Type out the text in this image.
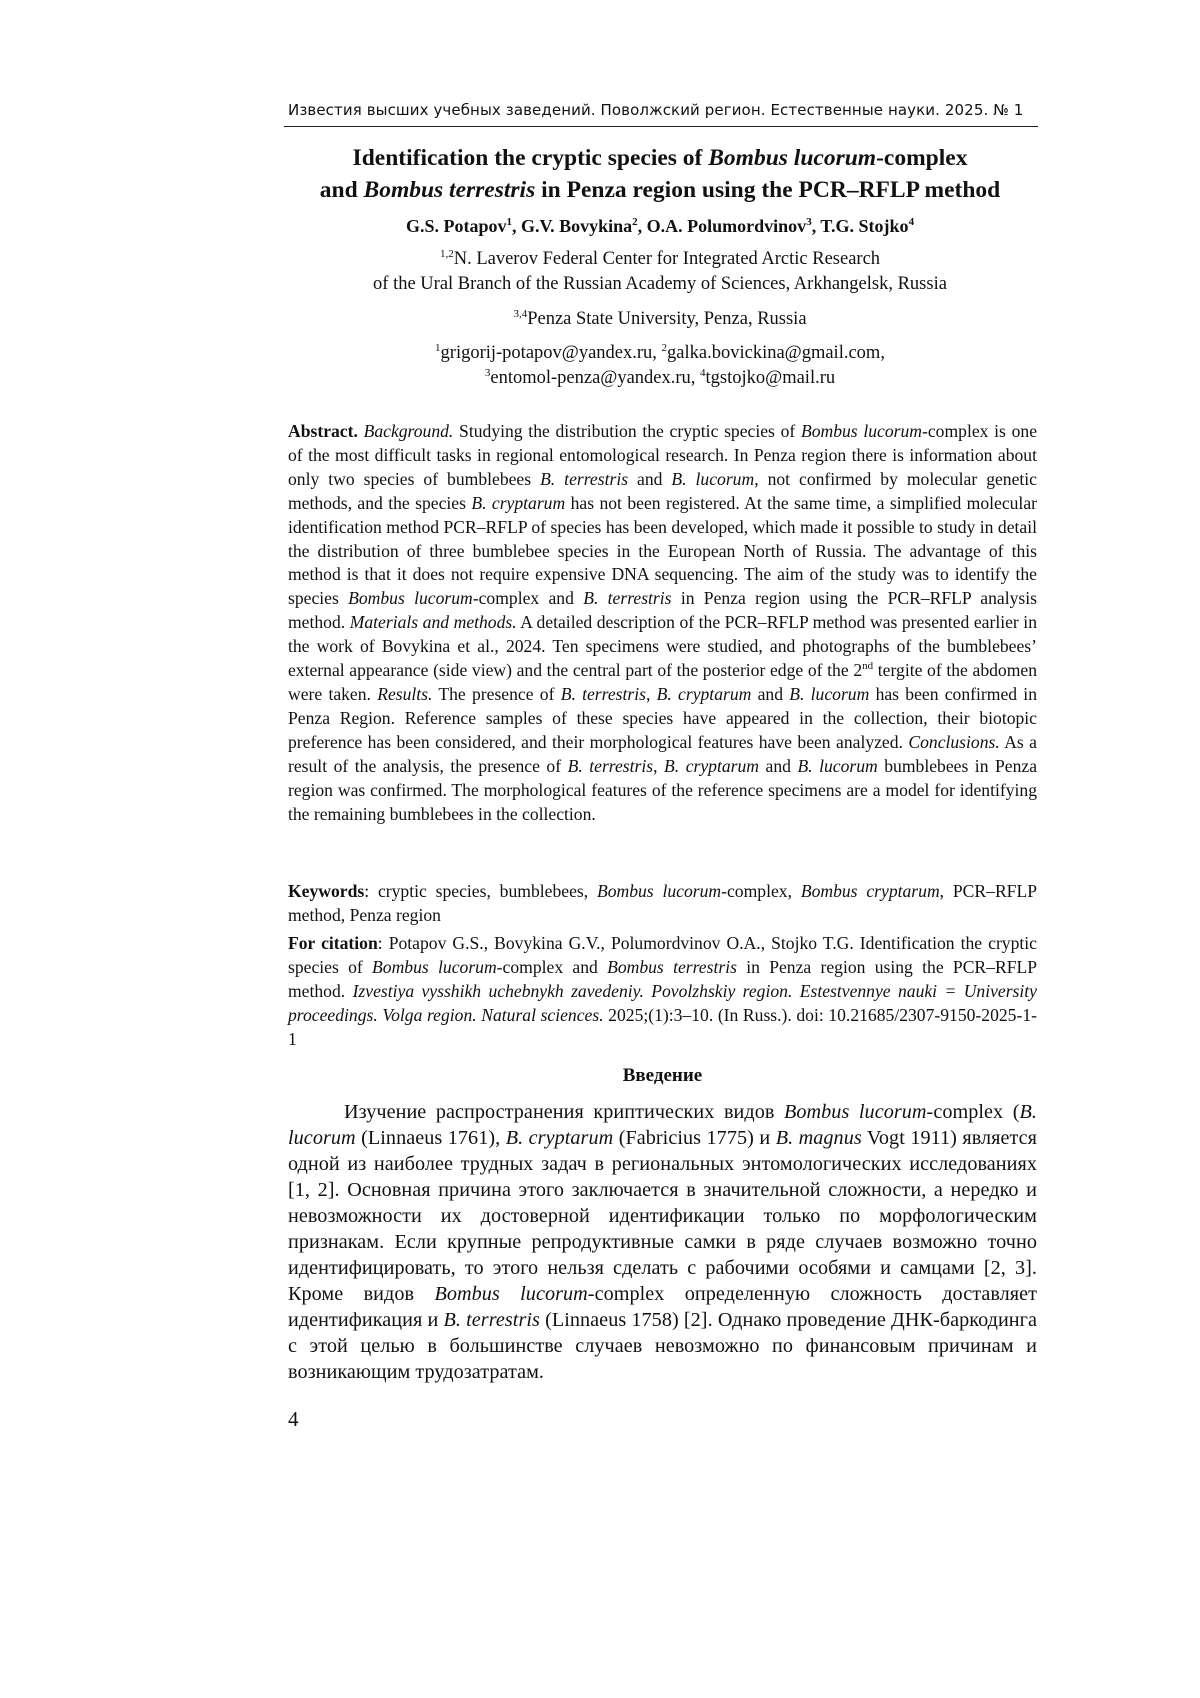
Известия высших учебных заведений. Поволжский регион. Естественные науки. 2025. № 1
Identification the cryptic species of Bombus lucorum-complex
and Bombus terrestris in Penza region using the PCR–RFLP method
G.S. Potapov$^1$, G.V. Bovykina$^2$, O.A. Polumordvinov$^3$, T.G. Stojko$^4$
$^{1,2}$N. Laverov Federal Center for Integrated Arctic Research
of the Ural Branch of the Russian Academy of Sciences, Arkhangelsk, Russia
$^{3,4}$Penza State University, Penza, Russia
$^1$grigorij-potapov@yandex.ru, $^2$galka.bovickina@gmail.com,
$^3$entomol-penza@yandex.ru, $^4$tgstojko@mail.ru
Abstract. Background. Studying the distribution the cryptic species of Bombus lucorum-complex is one of the most difficult tasks in regional entomological research. In Penza region there is information about only two species of bumblebees B. terrestris and B. lucorum, not confirmed by molecular genetic methods, and the species B. cryptarum has not been registered. At the same time, a simplified molecular identification method PCR–RFLP of species has been developed, which made it possible to study in detail the distribution of three bumblebee species in the European North of Russia. The advantage of this method is that it does not require expensive DNA sequencing. The aim of the study was to identify the species Bombus lucorum-complex and B. terrestris in Penza region using the PCR–RFLP analysis method. Materials and methods. A detailed description of the PCR–RFLP method was presented earlier in the work of Bovykina et al., 2024. Ten specimens were studied, and photographs of the bumblebees’ external appearance (side view) and the central part of the posterior edge of the 2nd tergite of the abdomen were taken. Results. The presence of B. terrestris, B. cryptarum and B. lucorum has been confirmed in Penza Region. Reference samples of these species have appeared in the collection, their biotopic preference has been considered, and their morphological features have been analyzed. Conclusions. As a result of the analysis, the presence of B. terrestris, B. cryptarum and B. lucorum bumblebees in Penza region was confirmed. The morphological features of the reference specimens are a model for identifying the remaining bumblebees in the collection.
Keywords: cryptic species, bumblebees, Bombus lucorum-complex, Bombus cryptarum, PCR–RFLP method, Penza region
For citation: Potapov G.S., Bovykina G.V., Polumordvinov O.A., Stojko T.G. Identification the cryptic species of Bombus lucorum-complex and Bombus terrestris in Penza region using the PCR–RFLP method. Izvestiya vysshikh uchebnykh zavedeniy. Povolzhskiy region. Estestvennye nauki = University proceedings. Volga region. Natural sciences. 2025;(1):3–10. (In Russ.). doi: 10.21685/2307-9150-2025-1-1
Введение
Изучение распространения криптических видов Bombus lucorum-complex (B. lucorum (Linnaeus 1761), B. cryptarum (Fabricius 1775) и B. magnus Vogt 1911) является одной из наиболее трудных задач в региональных энтомологических исследованиях [1, 2]. Основная причина этого заключается в значительной сложности, а нередко и невозможности их достоверной идентификации только по морфологическим признакам. Если крупные репродуктивные самки в ряде случаев возможно точно идентифицировать, то этого нельзя сделать с рабочими особями и самцами [2, 3]. Кроме видов Bombus lucorum-complex определенную сложность доставляет идентификация и B. terrestris (Linnaeus 1758) [2]. Однако проведение ДНК-баркодинга с этой целью в большинстве случаев невозможно по финансовым причинам и возникающим трудозатратам.
4
